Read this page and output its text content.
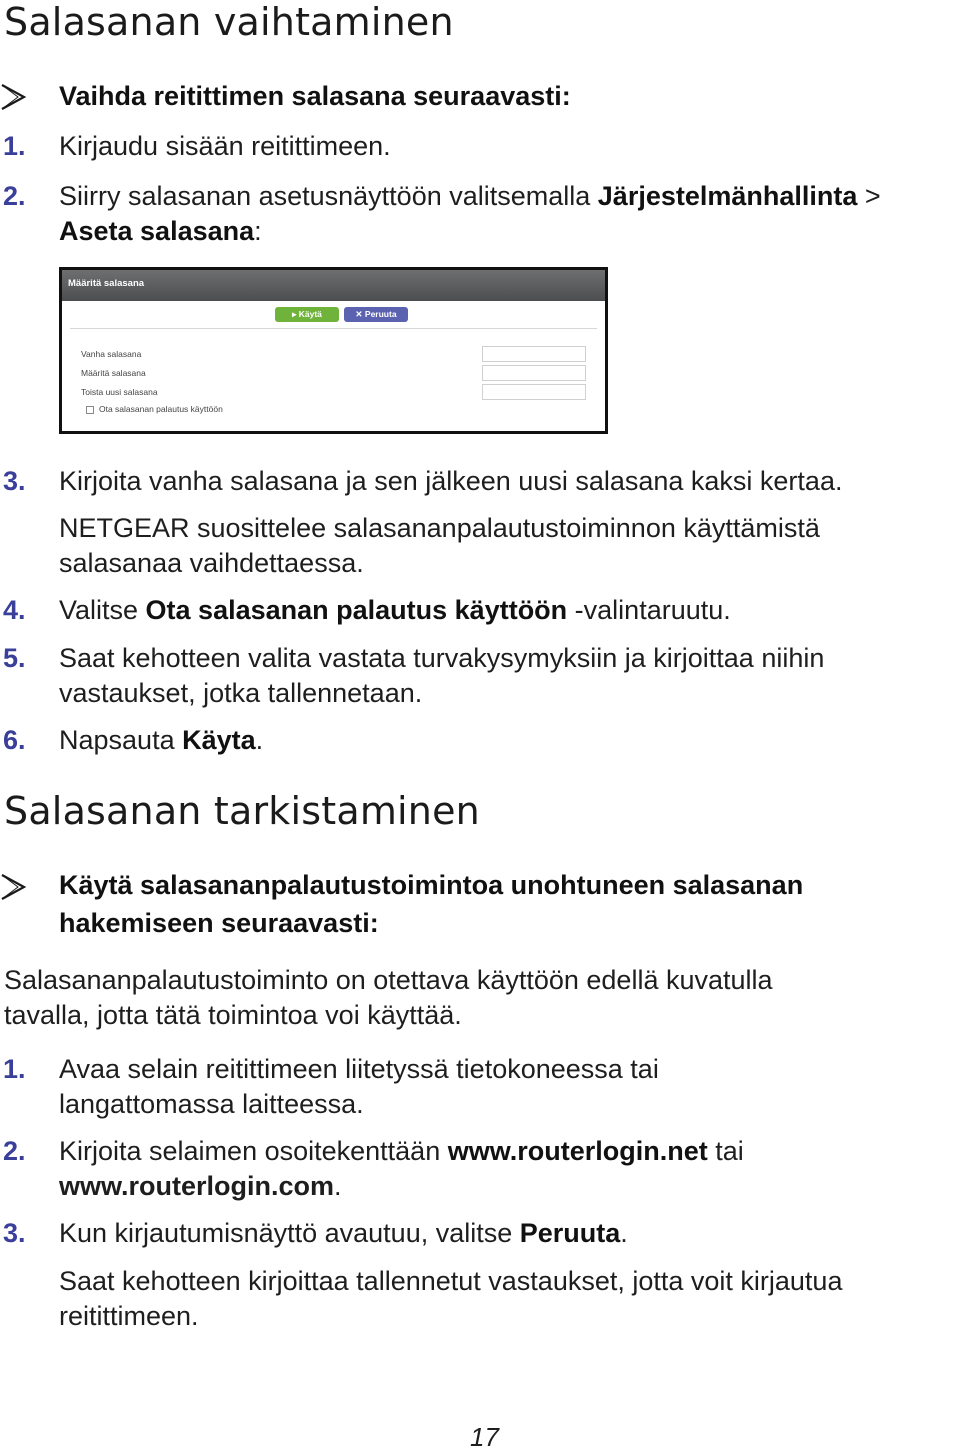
Salasanan vaihtaminen
Vaihda reitittimen salasana seuraavasti:
1. Kirjaudu sisään reitittimeen.
2. Siirry salasanan asetusnäyttöön valitsemalla Järjestelmänhallinta >
Aseta salasana:
Määritä salasana
▸ Käytä	✕ Peruuta
Vanha salasana
Määritä salasana
Toista uusi salasana
Ota salasanan palautus käyttöön
3. Kirjoita vanha salasana ja sen jälkeen uusi salasana kaksi kertaa.
NETGEAR suosittelee salasananpalautustoiminnon käyttämistä
salasanaa vaihdettaessa.
4. Valitse Ota salasanan palautus käyttöön -valintaruutu.
5. Saat kehotteen valita vastata turvakysymyksiin ja kirjoittaa niihin
vastaukset, jotka tallennetaan.
6. Napsauta Käyta.
Salasanan tarkistaminen
Käytä salasananpalautustoimintoa unohtuneen salasanan
hakemiseen seuraavasti:
Salasananpalautustoiminto on otettava käyttöön edellä kuvatulla
tavalla, jotta tätä toimintoa voi käyttää.
1. Avaa selain reitittimeen liitetyssä tietokoneessa tai
langattomassa laitteessa.
2. Kirjoita selaimen osoitekenttään www.routerlogin.net tai
www.routerlogin.com.
3. Kun kirjautumisnäyttö avautuu, valitse Peruuta.
Saat kehotteen kirjoittaa tallennetut vastaukset, jotta voit kirjautua
reitittimeen.
17
